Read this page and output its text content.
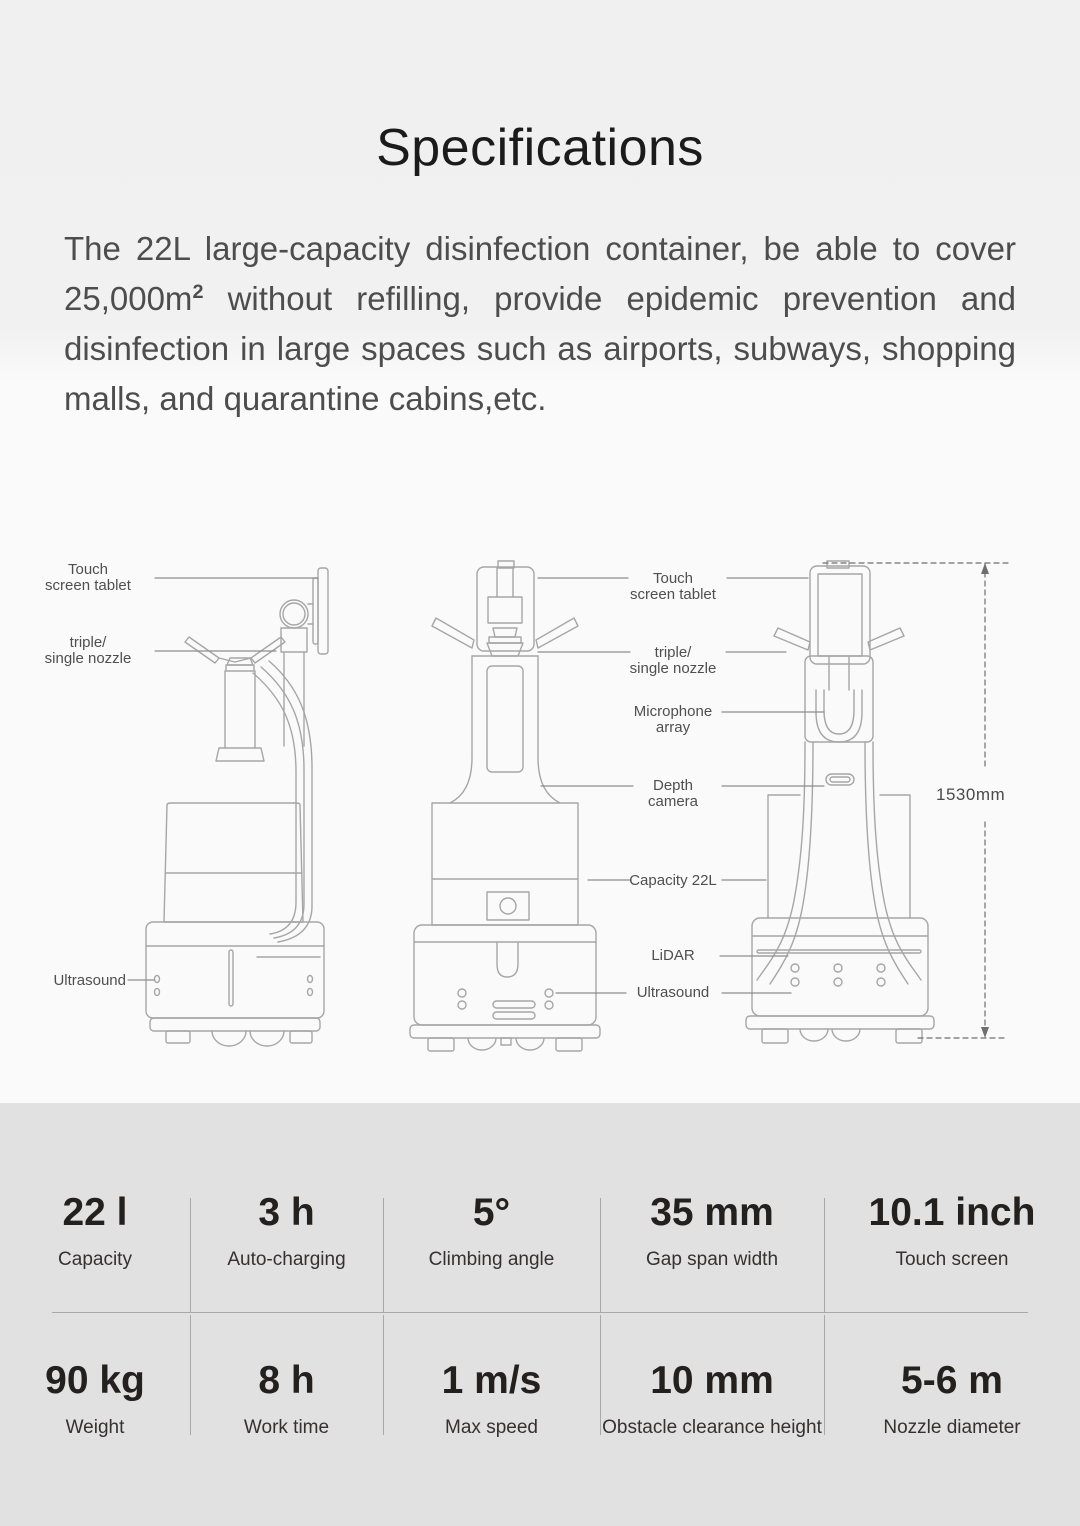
Specifications

The 22L large-capacity disinfection container, be able to cover $25,000m^2$ without refilling, provide epidemic prevention and disinfection in large spaces such as airports, subways, shopping malls, and quarantine cabins,etc.

Touch
screen tablet
triple/
single nozzle
Ultrasound
Touch
screen tablet
triple/
single nozzle
Microphone
array
Depth
camera
Capacity 22L
LiDAR
Ultrasound
1530mm
22 l
Capacity
3 h
Auto-charging
5°
Climbing angle
35 mm
Gap span width
10.1 inch
Touch screen
90 kg
Weight
8 h
Work time
1 m/s
Max speed
10 mm
Obstacle clearance height
5-6 m
Nozzle diameter
